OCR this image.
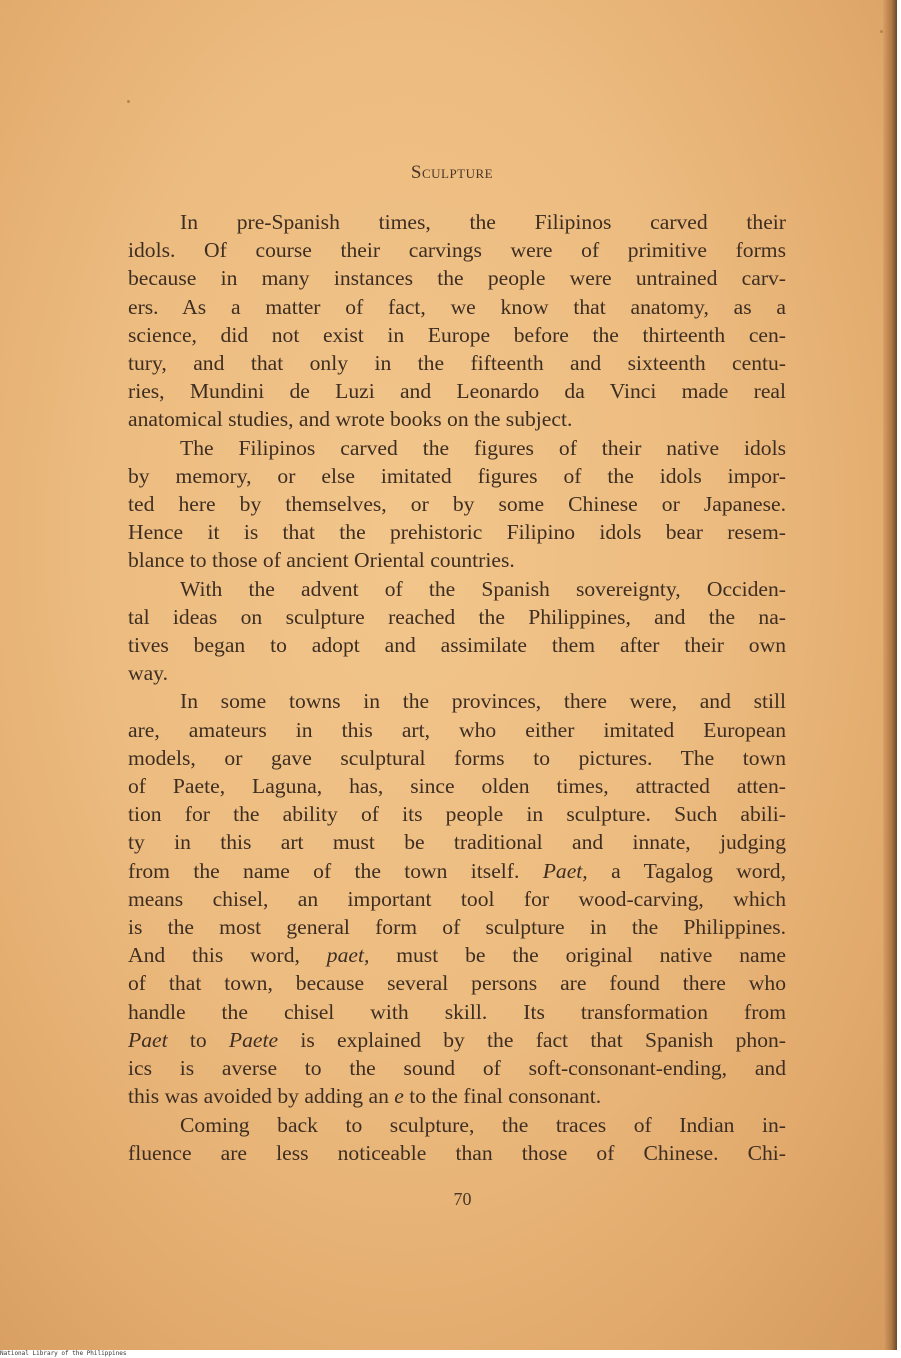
Sculpture

In pre-Spanish times, the Filipinos carved their
idols. Of course their carvings were of primitive forms
because in many instances the people were untrained carv-
ers. As a matter of fact, we know that anatomy, as a
science, did not exist in Europe before the thirteenth cen-
tury, and that only in the fifteenth and sixteenth centu-
ries, Mundini de Luzi and Leonardo da Vinci made real
anatomical studies, and wrote books on the subject.

The Filipinos carved the figures of their native idols
by memory, or else imitated figures of the idols impor-
ted here by themselves, or by some Chinese or Japanese.
Hence it is that the prehistoric Filipino idols bear resem-
blance to those of ancient Oriental countries.

With the advent of the Spanish sovereignty, Occiden-
tal ideas on sculpture reached the Philippines, and the na-
tives began to adopt and assimilate them after their own
way.

In some towns in the provinces, there were, and still
are, amateurs in this art, who either imitated European
models, or gave sculptural forms to pictures. The town
of Paete, Laguna, has, since olden times, attracted atten-
tion for the ability of its people in sculpture. Such abili-
ty in this art must be traditional and innate, judging
from the name of the town itself. Paet, a Tagalog word,
means chisel, an important tool for wood-carving, which
is the most general form of sculpture in the Philippines.
And this word, paet, must be the original native name
of that town, because several persons are found there who
handle the chisel with skill. Its transformation from
Paet to Paete is explained by the fact that Spanish phon-
ics is averse to the sound of soft-consonant-ending, and
this was avoided by adding an e to the final consonant.

Coming back to sculpture, the traces of Indian in-
fluence are less noticeable than those of Chinese. Chi-

70
National Library of the Philippines
